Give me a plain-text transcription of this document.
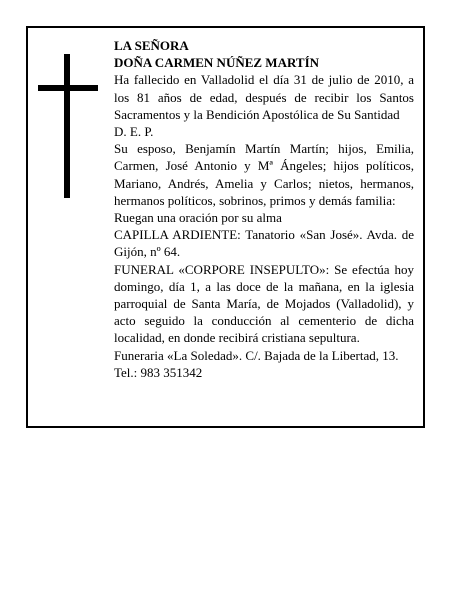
LA SEÑORA

DOÑA CARMEN NÚÑEZ MARTÍN

Ha fallecido en Valladolid el día 31 de julio de 2010, a los 81 años de edad, después de recibir los Santos Sacramentos y la Bendición Apostólica de Su Santidad

D. E. P.

Su esposo, Benjamín Martín Martín; hijos, Emilia, Carmen, José Antonio y Mª Ángeles; hijos políticos, Mariano, Andrés, Amelia y Carlos; nietos, hermanos, hermanos políticos, sobrinos, primos y demás familia:

Ruegan una oración por su alma

CAPILLA ARDIENTE: Tanatorio «San José». Avda. de Gijón, nº 64.

FUNERAL «CORPORE INSEPULTO»: Se efectúa hoy domingo, día 1, a las doce de la mañana, en la iglesia parroquial de Santa María, de Mojados (Valladolid), y acto seguido la conducción al cementerio de dicha localidad, en donde recibirá cristiana sepultura.

Funeraria «La Soledad». C/. Bajada de la Libertad, 13.

Tel.: 983 351342
